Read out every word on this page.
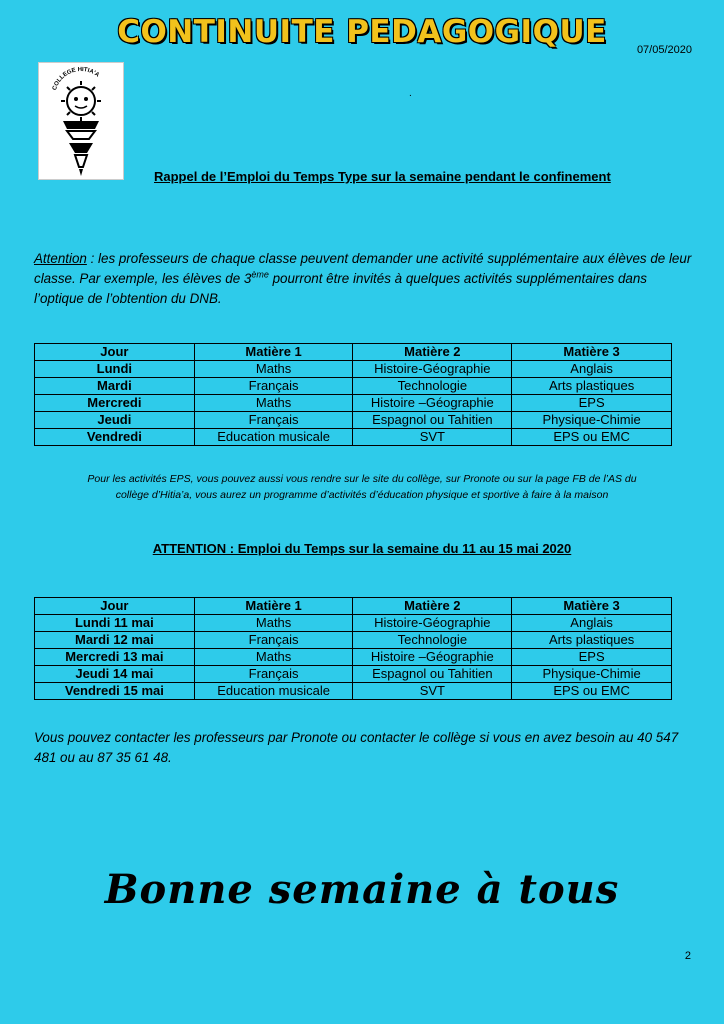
CONTINUITE PEDAGOGIQUE	07/05/2020
COLLEGE HITIA'A
.
Rappel de l’Emploi du Temps Type sur la semaine pendant le confinement
Attention : les professeurs de chaque classe peuvent demander une activité supplémentaire aux élèves de leur classe. Par exemple, les élèves de 3ème pourront être invités à quelques activités supplémentaires dans l’optique de l’obtention du DNB.
Jour	Matière 1	Matière 2	Matière 3
Lundi	Maths	Histoire-Géographie	Anglais
Mardi	Français	Technologie	Arts plastiques
Mercredi	Maths	Histoire –Géographie	EPS
Jeudi	Français	Espagnol ou Tahitien	Physique-Chimie
Vendredi	Education musicale	SVT	EPS ou EMC
Pour les activités EPS, vous pouvez aussi vous rendre sur le site du collège, sur Pronote ou sur la page FB de l’AS du
collège d’Hitia’a, vous aurez un programme d’activités d’éducation physique et sportive à faire à la maison
ATTENTION : Emploi du Temps sur la semaine du 11 au 15 mai 2020
Jour	Matière 1	Matière 2	Matière 3
Lundi 11 mai	Maths	Histoire-Géographie	Anglais
Mardi 12 mai	Français	Technologie	Arts plastiques
Mercredi 13 mai	Maths	Histoire –Géographie	EPS
Jeudi 14 mai	Français	Espagnol ou Tahitien	Physique-Chimie
Vendredi 15 mai	Education musicale	SVT	EPS ou EMC
Vous pouvez contacter les professeurs par Pronote ou contacter le collège si vous en avez besoin au 40 547 481 ou au 87 35 61 48.
Bonne semaine à tous
2
